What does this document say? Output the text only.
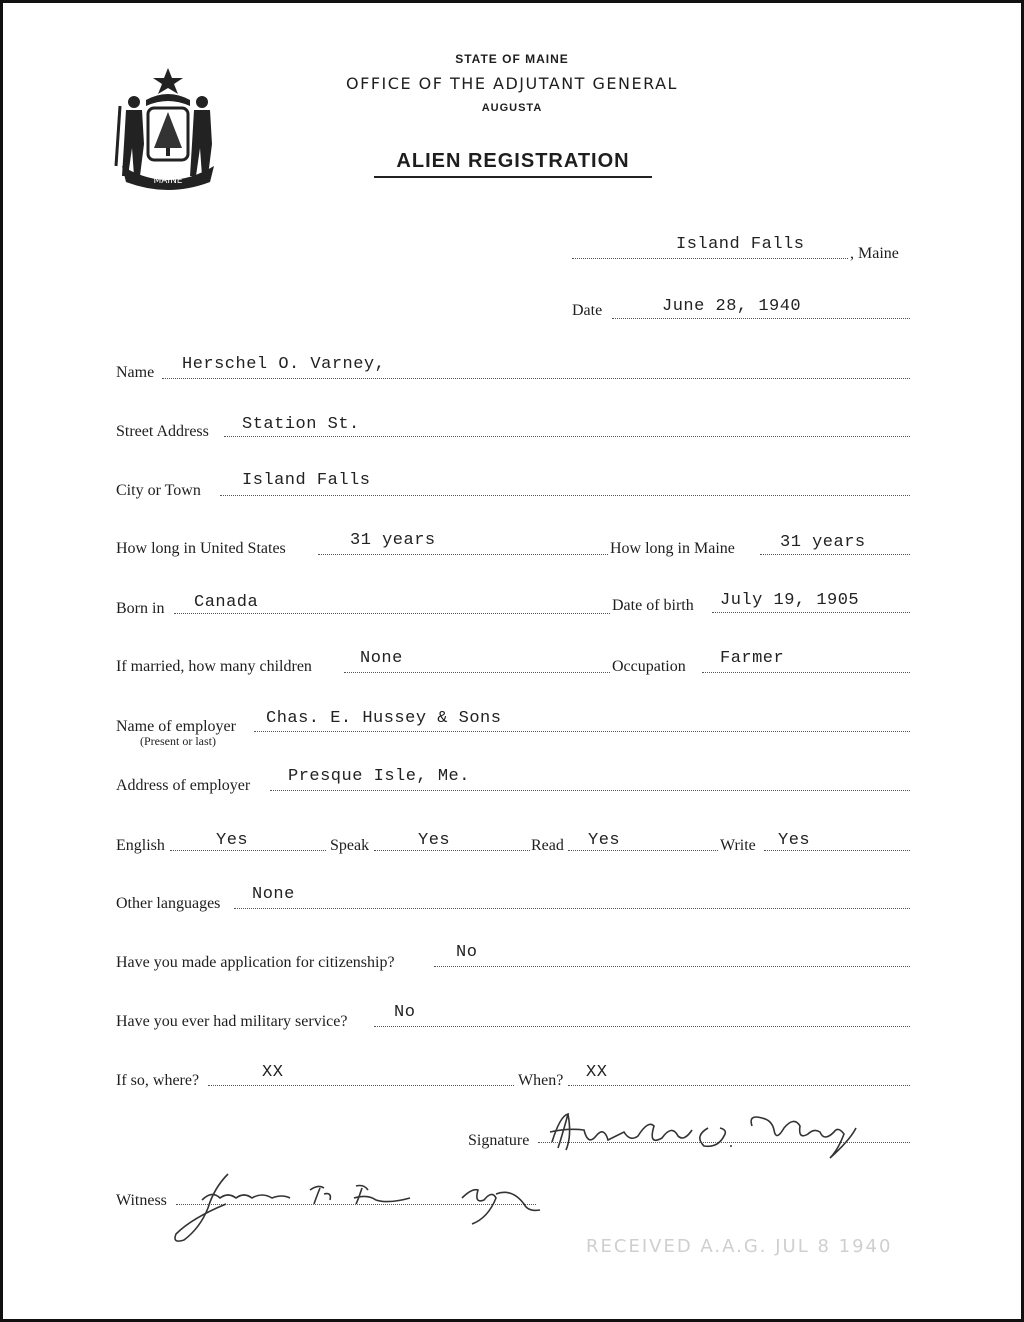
MAINE
STATE OF MAINE
OFFICE OF THE ADJUTANT GENERAL
AUGUSTA
ALIEN REGISTRATION
Island Falls	, Maine
Date	June 28, 1940
Name Herschel O. Varney,
Street Address Station St.
City or Town
Island Falls
How long in United States	31 years	How long in Maine	31 years
Born in Canada	Date of birth July 19, 1905
If married, how many children	None	Occupation Farmer
Name of employer
(Present or last)
Chas. E. Hussey & Sons
Address of employer Presque Isle, Me.
English	Yes	Speak	Yes	Read Yes	Write Yes
Other languages None
Have you made application for citizenship?
No
Have you ever had military service?	No
If so, where?	XX	When? XX
Signature
Witness
RECEIVED A.A.G. JUL 8 1940
